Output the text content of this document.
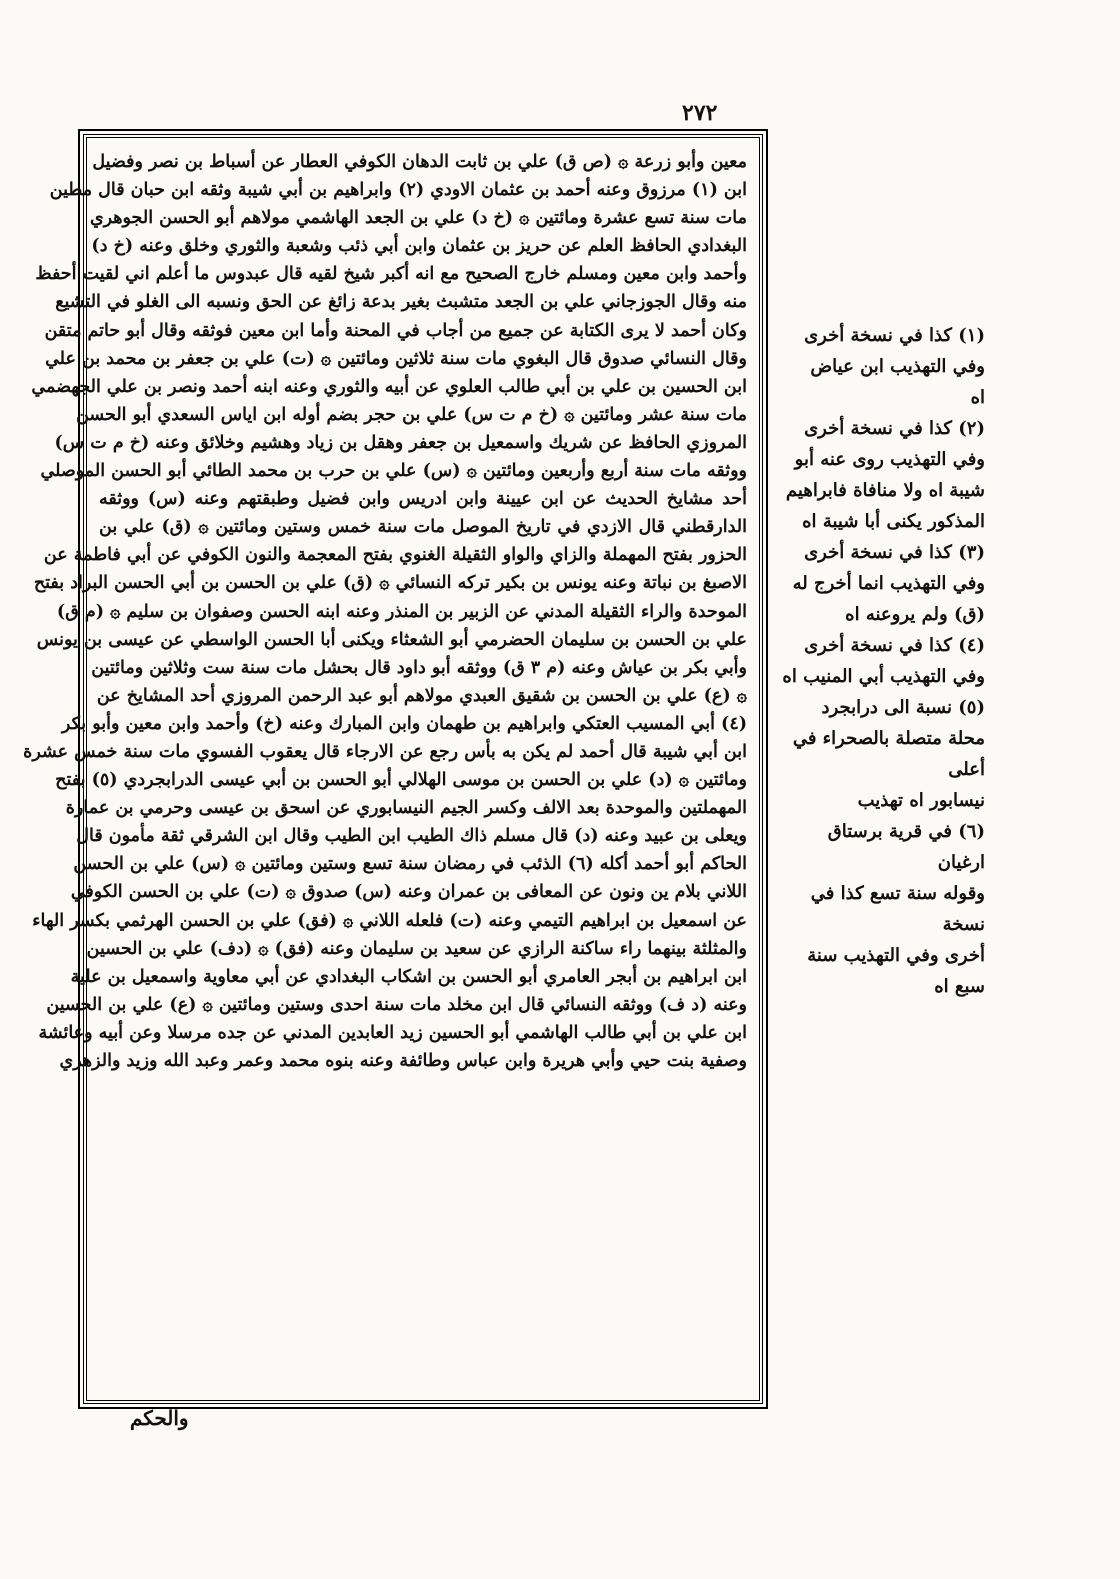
٢٧٢
معين وأبو زرعة ۞ (ص ق) علي بن ثابت الدهان الكوفي العطار عن أسباط بن نصر وفضيل
ابن (١) مرزوق وعنه أحمد بن عثمان الاودي (٢) وابراهيم بن أبي شيبة وثقه ابن حبان قال مطين
مات سنة تسع عشرة ومائتين ۞ (خ د) علي بن الجعد الهاشمي مولاهم أبو الحسن الجوهري
البغدادي الحافظ العلم عن حريز بن عثمان وابن أبي ذئب وشعبة والثوري وخلق وعنه (خ د)
وأحمد وابن معين ومسلم خارج الصحيح مع انه أكبر شيخ لقيه قال عبدوس ما أعلم اني لقيت أحفظ
منه وقال الجوزجاني علي بن الجعد متشبث بغير بدعة زائغ عن الحق ونسبه الى الغلو في التشيع
وكان أحمد لا يرى الكتابة عن جميع من أجاب في المحنة وأما ابن معين فوثقه وقال أبو حاتم متقن
وقال النسائي صدوق قال البغوي مات سنة ثلاثين ومائتين ۞ (ت) علي بن جعفر بن محمد بن علي
ابن الحسين بن علي بن أبي طالب العلوي عن أبيه والثوري وعنه ابنه أحمد ونصر بن علي الجهضمي
مات سنة عشر ومائتين ۞ (خ م ت س) علي بن حجر بضم أوله ابن اياس السعدي أبو الحسن
المروزي الحافظ عن شريك واسمعيل بن جعفر وهقل بن زياد وهشيم وخلائق وعنه (خ م ت س)
ووثقه مات سنة أربع وأربعين ومائتين ۞ (س) علي بن حرب بن محمد الطائي أبو الحسن الموصلي
أحد مشايخ الحديث عن ابن عيينة وابن ادريس وابن فضيل وطبقتهم وعنه (س) ووثقه
الدارقطني قال الازدي في تاريخ الموصل مات سنة خمس وستين ومائتين ۞ (ق) علي بن
الحزور بفتح المهملة والزاي والواو الثقيلة الغنوي بفتح المعجمة والنون الكوفي عن أبي فاطمة عن
الاصبغ بن نباتة وعنه يونس بن بكير تركه النسائي ۞ (ق) علي بن الحسن بن أبي الحسن البراد بفتح
الموحدة والراء الثقيلة المدني عن الزبير بن المنذر وعنه ابنه الحسن وصفوان بن سليم ۞ (م ق)
علي بن الحسن بن سليمان الحضرمي أبو الشعثاء ويكنى أبا الحسن الواسطي عن عيسى بن يونس
وأبي بكر بن عياش وعنه (م ٣ ق) ووثقه أبو داود قال بحشل مات سنة ست وثلاثين ومائتين
۞ (ع) علي بن الحسن بن شقيق العبدي مولاهم أبو عبد الرحمن المروزي أحد المشايخ عن
(٤) أبي المسيب العتكي وابراهيم بن طهمان وابن المبارك وعنه (خ) وأحمد وابن معين وأبو بكر
ابن أبي شيبة قال أحمد لم يكن به بأس رجع عن الارجاء قال يعقوب الفسوي مات سنة خمس عشرة
ومائتين ۞ (د) علي بن الحسن بن موسى الهلالي أبو الحسن بن أبي عيسى الدرابجردي (٥) بفتح
المهملتين والموحدة بعد الالف وكسر الجيم النيسابوري عن اسحق بن عيسى وحرمي بن عمارة
ويعلى بن عبيد وعنه (د) قال مسلم ذاك الطيب ابن الطيب وقال ابن الشرقي ثقة مأمون قال
الحاكم أبو أحمد أكله (٦) الذئب في رمضان سنة تسع وستين ومائتين ۞ (س) علي بن الحسن
اللاني بلام ين ونون عن المعافى بن عمران وعنه (س) صدوق ۞ (ت) علي بن الحسن الكوفي
عن اسمعيل بن ابراهيم التيمي وعنه (ت) فلعله اللاني ۞ (فق) علي بن الحسن الهرثمي بكسر الهاء
والمثلثة بينهما راء ساكنة الرازي عن سعيد بن سليمان وعنه (فق) ۞ (دف) علي بن الحسين
ابن ابراهيم بن أبجر العامري أبو الحسن بن اشكاب البغدادي عن أبي معاوية واسمعيل بن علية
وعنه (د ف) ووثقه النسائي قال ابن مخلد مات سنة احدى وستين ومائتين ۞ (ع) علي بن الحسين
ابن علي بن أبي طالب الهاشمي أبو الحسين زيد العابدين المدني عن جده مرسلا وعن أبيه وعائشة
وصفية بنت حيي وأبي هريرة وابن عباس وطائفة وعنه بنوه محمد وعمر وعبد الله وزيد والزهري
(١) كذا في نسخة أخرى
وفي التهذيب ابن عياض
اه
(٢) كذا في نسخة أخرى
وفي التهذيب روى عنه أبو
شيبة اه ولا منافاة فابراهيم
المذكور يكنى أبا شيبة اه
(٣) كذا في نسخة أخرى
وفي التهذيب انما أخرج له
(ق) ولم يروعنه اه
(٤) كذا في نسخة أخرى
وفي التهذيب أبي المنيب اه
(٥) نسبة الى درابجرد
محلة متصلة بالصحراء في أعلى
نيسابور اه تهذيب
(٦) في قرية برستاق ارغيان
وقوله سنة تسع كذا في نسخة
أخرى وفي التهذيب سنة
سبع اه
والحكم
